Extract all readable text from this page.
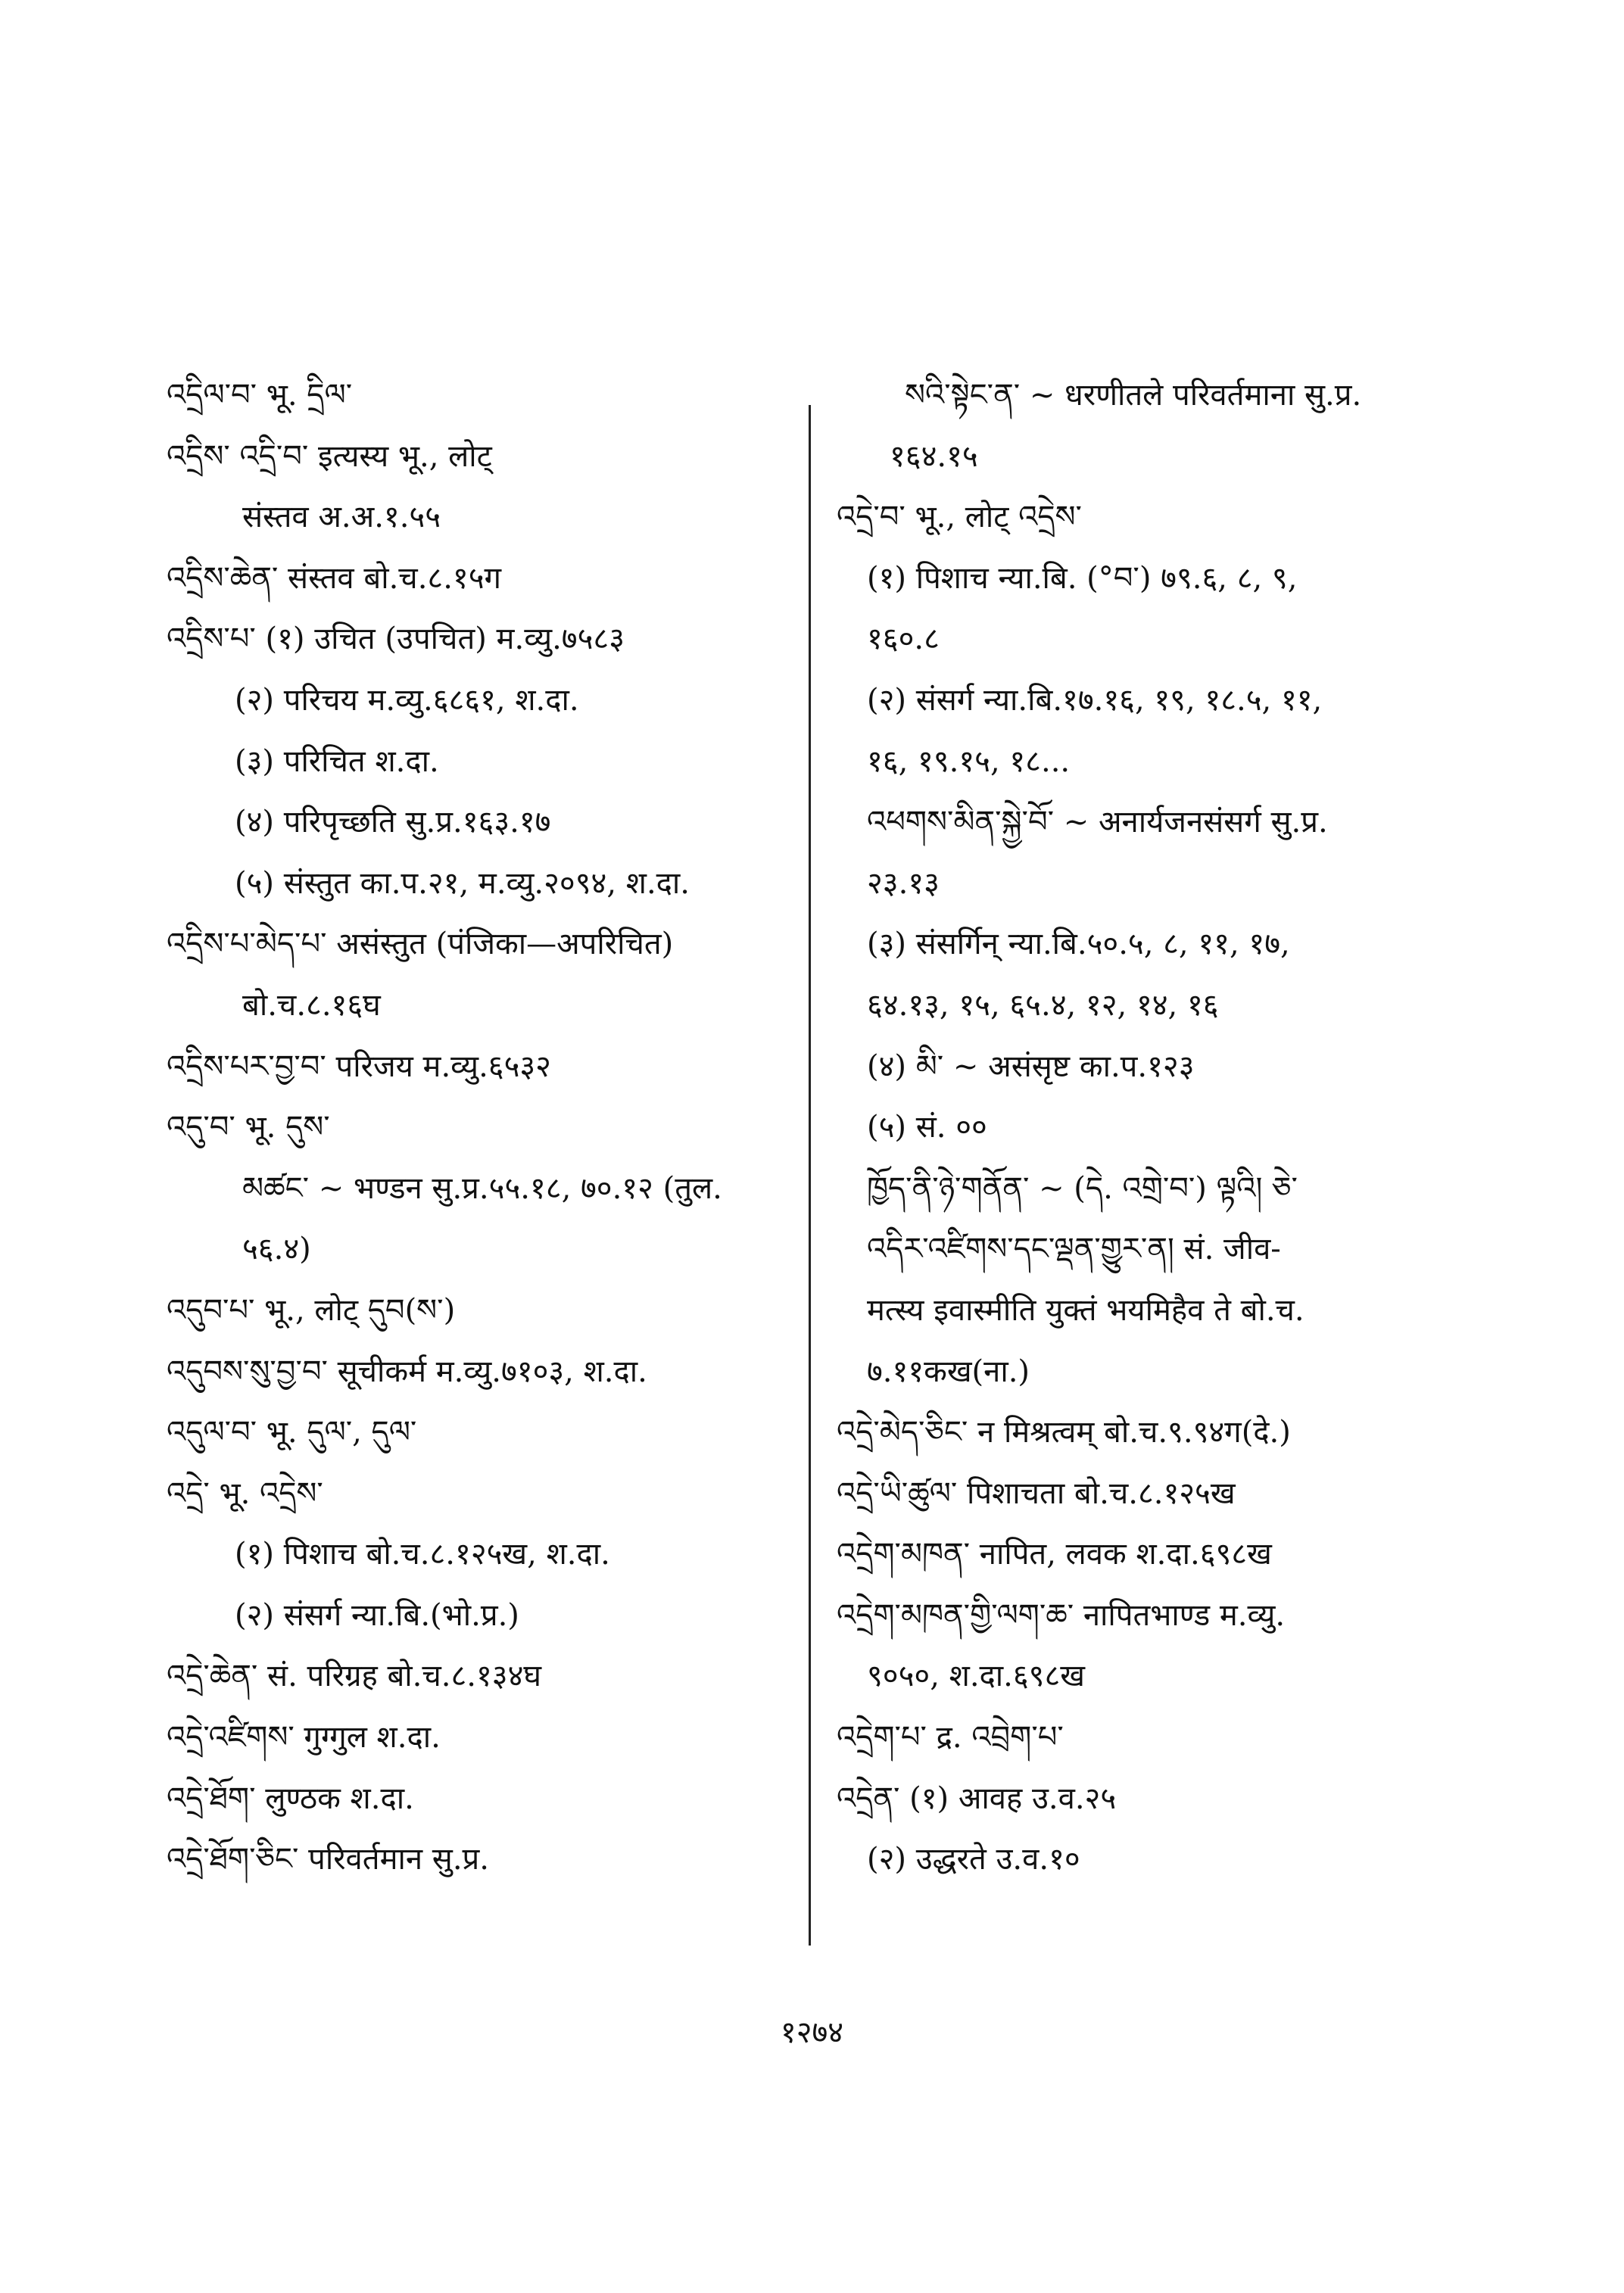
འདྲིལ་བ་ भू. དྲིལ་
འདྲིས་ འདྲི་བ་ इत्यस्य भू., लोट्
संस्तव अ.अ.१.५५
འདྲིས་ཆེན་ संस्तव बो.च.८.१५ग
འདྲིས་པ་ (१) उचित (उपचित) म.व्यु.७५८३
(२) परिचय म.व्यु.६८६१, श.दा.
(३) परिचित श.दा.
(४) परिपृच्छति सु.प्र.१६३.१७
(५) संस्तुत का.प.२१, म.व्यु.२०९४, श.दा.
འདྲིས་པ་མེད་པ་ असंस्तुत (पंजिका—अपरिचित)
बो.च.८.१६घ
འདྲིས་པར་བྱ་བ་ परिजय म.व्यु.६५३२
འདུ་བ་ भू. དུས་
མཚང་ ~ भण्डन सु.प्र.५५.१८, ७०.१२ (तुल.
५६.४)
འདུབ་པ་ भू., लोट् དུབ(ས་)
འདུབས་སུ་བྱ་བ་ सूचीकर्म म.व्यु.७१०३, श.दा.
འདུལ་བ་ भू. དུལ་, དུལ་
འདྲེ་ भू. འདྲེས་
(१) पिशाच बो.च.८.१२५ख, श.दा.
(२) संसर्ग न्या.बि.(भो.प्र.)
འདྲེ་ཆེན་ सं. परिग्रह बो.च.८.१३४घ
འདྲེ་འཛིགས་ गुग्गुल श.दा.
འདྲེ་ཐོག་ लुण्ठक श.दा.
འདྲེ་ཐོག་ཅིང་ परिवर्तमान सु.प्र.
སའི་སྟེང་ན་ ~ धरणीतले परिवर्तमाना सु.प्र.
१६४.१५
འདྲེ་བ་ भू., लोट् འདྲེས་
(१) पिशाच न्या.बि. (°བ་) ७९.६, ८, ९,
१६०.८
(२) संसर्ग न्या.बि.१७.१६, १९, १८.५, ११,
१६, १९.१५, १८...
འཕགས་མིན་སྐྱེ་བོ་ ~ अनार्यजनसंसर्ग सु.प्र.
२३.१३
(३) संसर्गिन् न्या.बि.५०.५, ८, ११, १७,
६४.१३, १५, ६५.४, १२, १४, १६
(४) མི་ ~ असंसृष्ट का.प.१२३
(५) सं. ००
ཁྱོད་ནི་ཉེ་གནོན་ ~ (དེ. འགྲེ་བ་) ལྟའི། ཅེ་
འདིར་འཛིགས་དང་ལྡན་གྱུར་ན། सं. जीव-
मत्स्य इवास्मीति युक्तं भयमिहैव ते बो.च.
७.११कख(ना.)
འདྲེ་མེད་ཅིང་ न मिश्रत्वम् बो.च.९.९४ग(दे.)
འདྲེ་ཡི་ཚུལ་ पिशाचता बो.च.८.१२५ख
འདྲེག་མཁན་ नापित, लवक श.दा.६९८ख
འདྲེག་མཁན་གྱི་ལག་ཆ་ नापितभाण्ड म.व्यु.
९०५०, श.दा.६९८ख
འདྲེག་པ་ द्र. འབྲེག་པ་
འདྲེན་ (१) आवह उ.व.२५
(२) उद्धरते उ.व.१०
१२७४
